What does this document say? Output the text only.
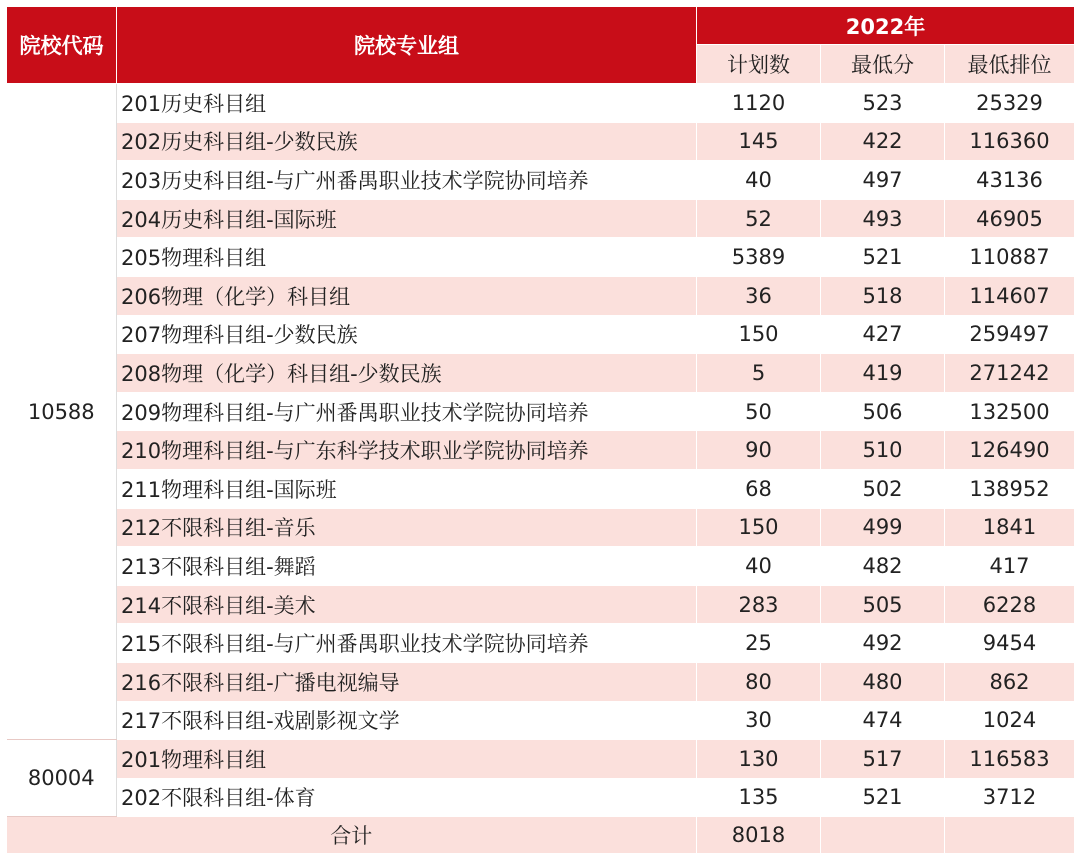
院校代码	院校专业组	2022年		
		计划数	最低分	最低排位
10588	201历史科目组	1120	523	25329
	202历史科目组-少数民族	145	422	116360
	203历史科目组-与广州番禺职业技术学院协同培养	40	497	43136
	204历史科目组-国际班	52	493	46905
	205物理科目组	5389	521	110887
	206物理（化学）科目组	36	518	114607
	207物理科目组-少数民族	150	427	259497
	208物理（化学）科目组-少数民族	5	419	271242
	209物理科目组-与广州番禺职业技术学院协同培养	50	506	132500
	210物理科目组-与广东科学技术职业学院协同培养	90	510	126490
	211物理科目组-国际班	68	502	138952
	212不限科目组-音乐	150	499	1841
	213不限科目组-舞蹈	40	482	417
	214不限科目组-美术	283	505	6228
	215不限科目组-与广州番禺职业技术学院协同培养	25	492	9454
	216不限科目组-广播电视编导	80	480	862
	217不限科目组-戏剧影视文学	30	474	1024
80004	201物理科目组	130	517	116583
	202不限科目组-体育	135	521	3712
合计		8018		
